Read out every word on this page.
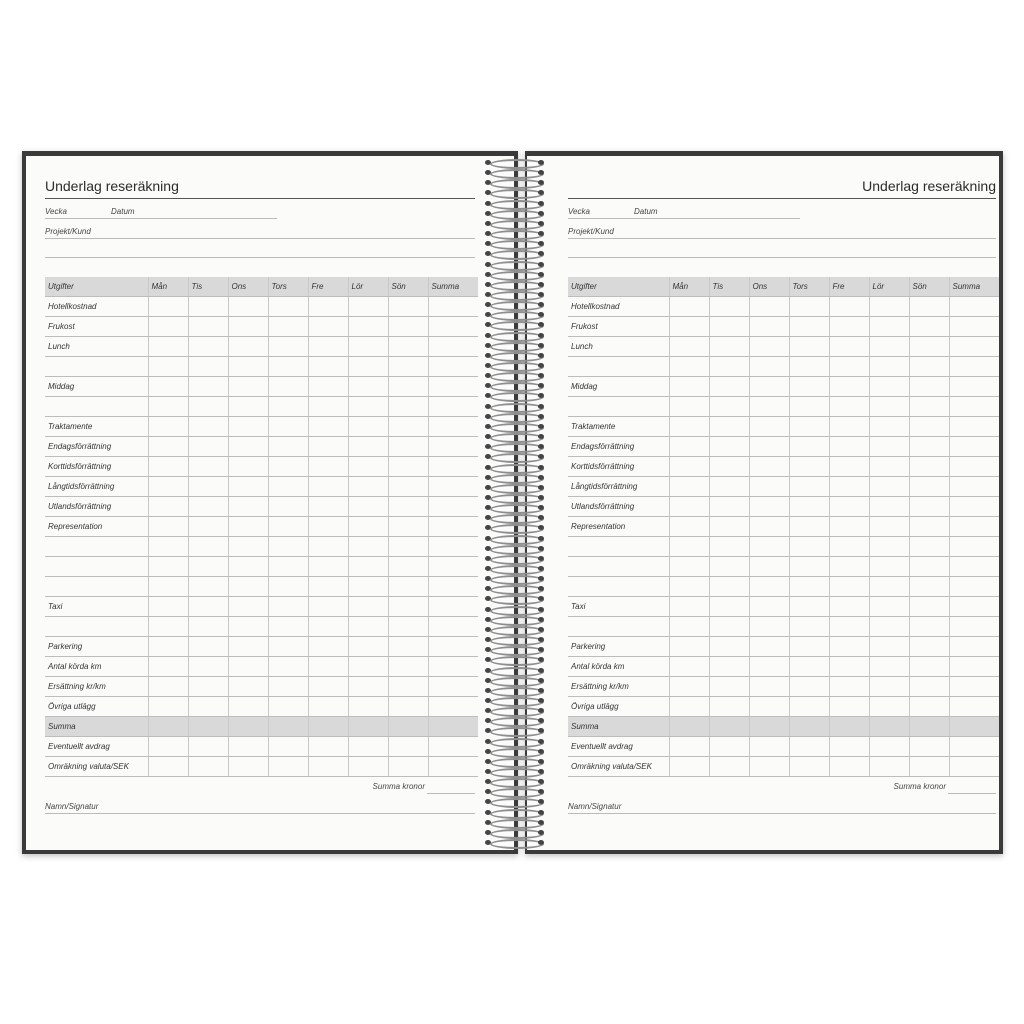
Underlag reseräkning
Vecka	Datum
Projekt/Kund
Utgifter	Mån	Tis	Ons	Tors	Fre	Lör	Sön	Summa
Hotellkostnad								
Frukost								
Lunch								

Middag								

Traktamente								
Endagsförrättning								
Korttidsförrättning								
Långtidsförrättning								
Utlandsförrättning								
Representation								

Taxi								

Parkering								
Antal körda km								
Ersättning kr/km								
Övriga utlägg								
Summa								
Eventuellt avdrag								
Omräkning valuta/SEK								
Summa kronor
Namn/Signatur
Underlag reseräkning
Vecka	Datum
Projekt/Kund
Utgifter	Mån	Tis	Ons	Tors	Fre	Lör	Sön	Summa
Hotellkostnad								
Frukost								
Lunch								

Middag								

Traktamente								
Endagsförrättning								
Korttidsförrättning								
Långtidsförrättning								
Utlandsförrättning								
Representation								

Taxi								

Parkering								
Antal körda km								
Ersättning kr/km								
Övriga utlägg								
Summa								
Eventuellt avdrag								
Omräkning valuta/SEK								
Summa kronor
Namn/Signatur
